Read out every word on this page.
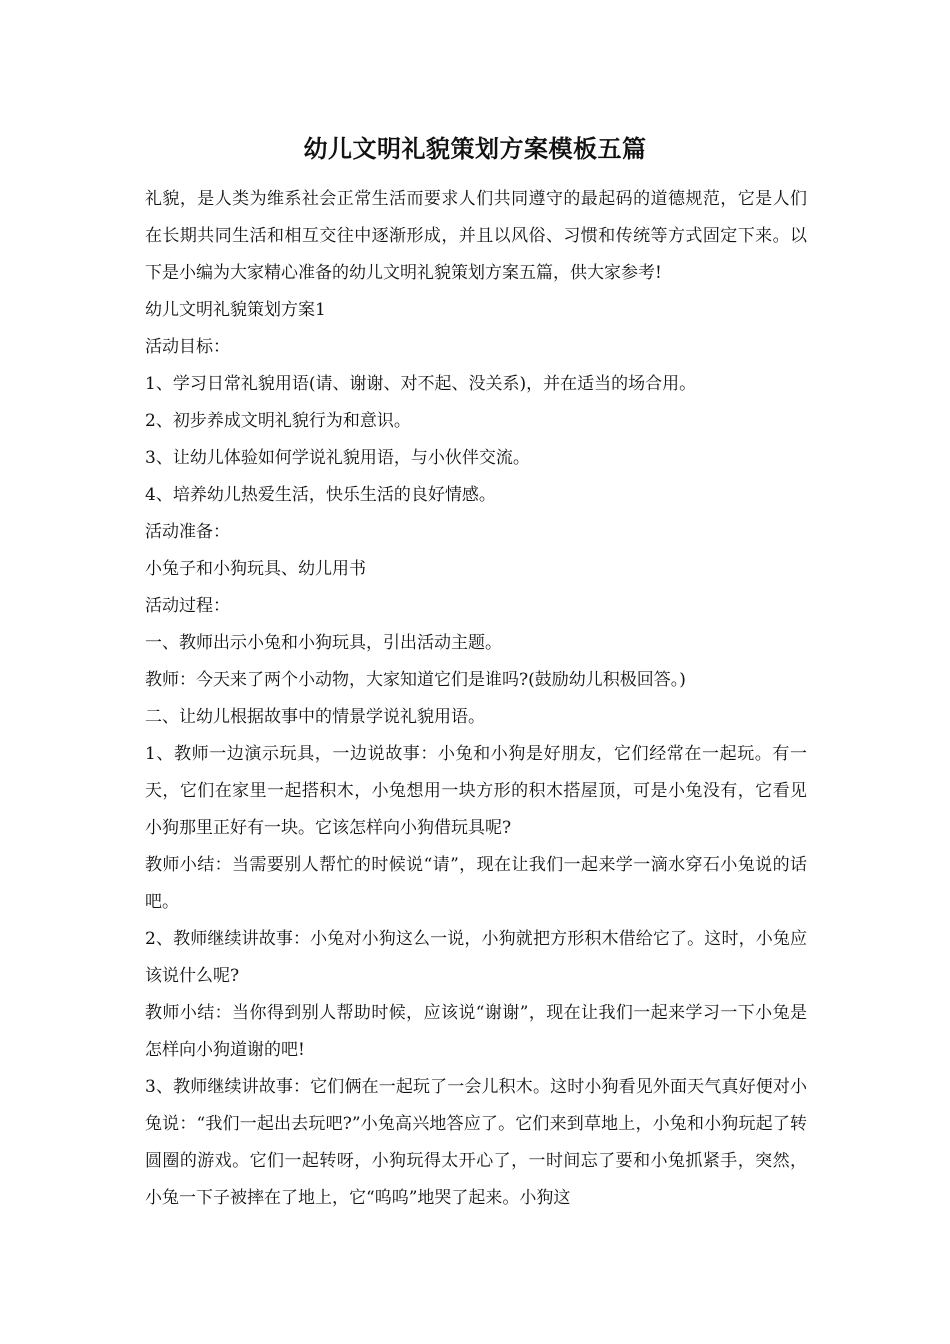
幼儿文明礼貌策划方案模板五篇

礼貌，是人类为维系社会正常生活而要求人们共同遵守的最起码的道德规范，它是人们在长期共同生活和相互交往中逐渐形成，并且以风俗、习惯和传统等方式固定下来。以下是小编为大家精心准备的幼儿文明礼貌策划方案五篇，供大家参考!

幼儿文明礼貌策划方案1

活动目标：

1、学习日常礼貌用语(请、谢谢、对不起、没关系)，并在适当的场合用。

2、初步养成文明礼貌行为和意识。

3、让幼儿体验如何学说礼貌用语，与小伙伴交流。

4、培养幼儿热爱生活，快乐生活的良好情感。

活动准备：

小兔子和小狗玩具、幼儿用书

活动过程：

一、教师出示小兔和小狗玩具，引出活动主题。

教师：今天来了两个小动物，大家知道它们是谁吗?(鼓励幼儿积极回答。)

二、让幼儿根据故事中的情景学说礼貌用语。

1、教师一边演示玩具，一边说故事：小兔和小狗是好朋友，它们经常在一起玩。有一天，它们在家里一起搭积木，小兔想用一块方形的积木搭屋顶，可是小兔没有，它看见小狗那里正好有一块。它该怎样向小狗借玩具呢?

教师小结：当需要别人帮忙的时候说“请”，现在让我们一起来学一滴水穿石小兔说的话吧。

2、教师继续讲故事：小兔对小狗这么一说，小狗就把方形积木借给它了。这时，小兔应该说什么呢?

教师小结：当你得到别人帮助时候，应该说“谢谢”，现在让我们一起来学习一下小兔是怎样向小狗道谢的吧!

3、教师继续讲故事：它们俩在一起玩了一会儿积木。这时小狗看见外面天气真好便对小兔说：“我们一起出去玩吧?”小兔高兴地答应了。它们来到草地上，小兔和小狗玩起了转圆圈的游戏。它们一起转呀，小狗玩得太开心了，一时间忘了要和小兔抓紧手，突然，小兔一下子被摔在了地上，它“呜呜”地哭了起来。小狗这
